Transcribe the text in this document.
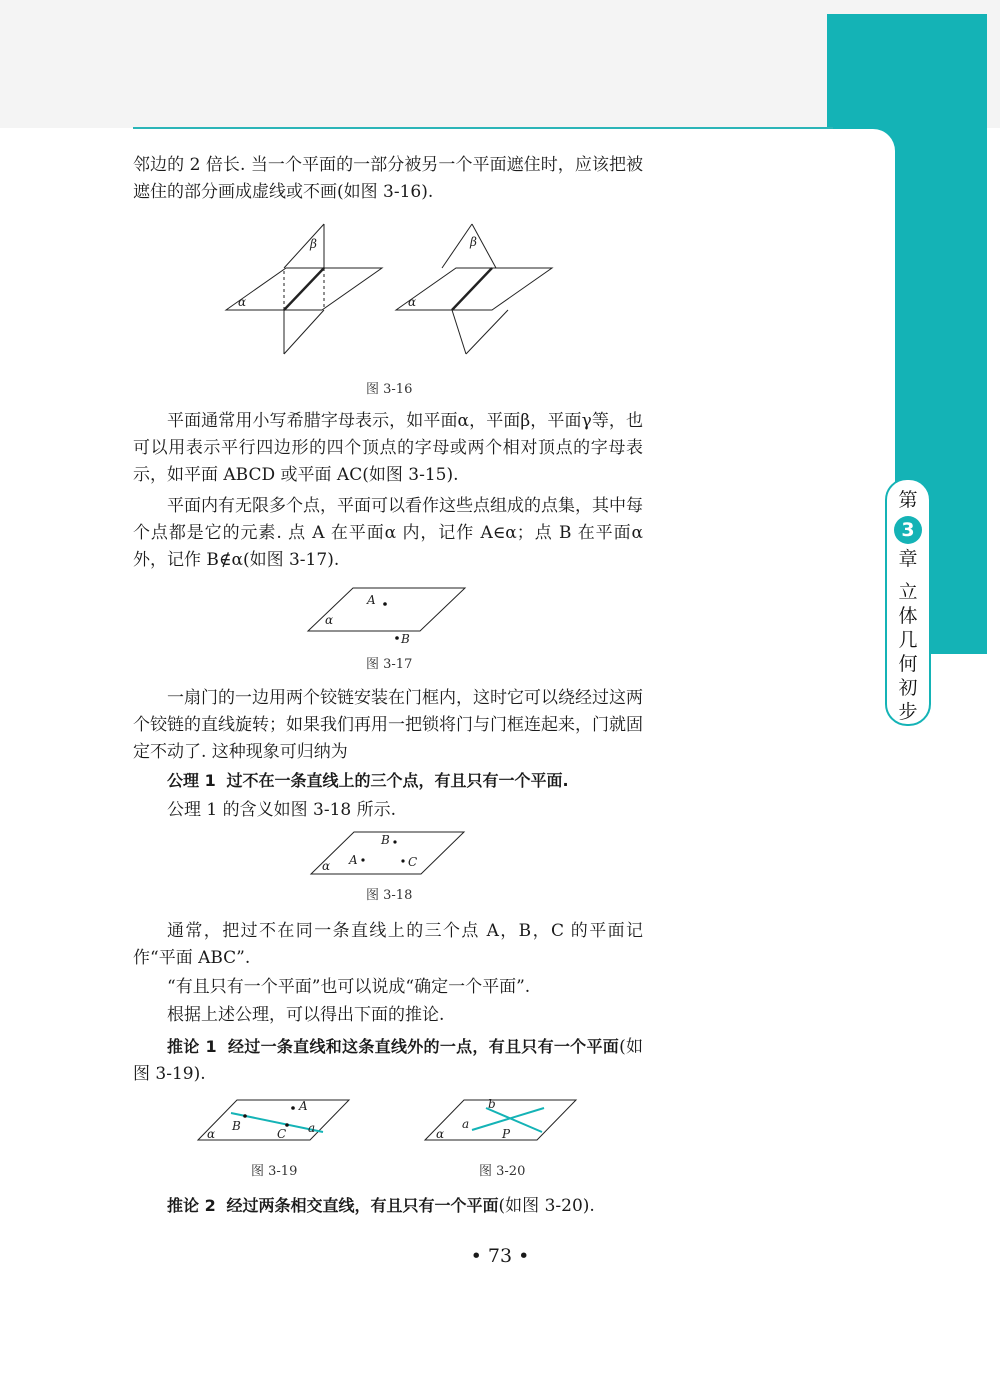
第
3
章
立
体
几
何
初
步

邻边的 2 倍长. 当一个平面的一部分被另一个平面遮住时，应该把被遮住的部分画成虚线或不画(如图 3-16).

α
β
α
β
图 3-16

平面通常用小写希腊字母表示，如平面α，平面β，平面γ等，也可以用表示平行四边形的四个顶点的字母或两个相对顶点的字母表示，如平面 ABCD 或平面 AC(如图 3-15).

平面内有无限多个点，平面可以看作这些点组成的点集，其中每个点都是它的元素. 点 A 在平面α 内，记作 A∈α；点 B 在平面α 外，记作 B∉α(如图 3-17).

A
α
B
图 3-17

一扇门的一边用两个铰链安装在门框内，这时它可以绕经过这两个铰链的直线旋转；如果我们再用一把锁将门与门框连起来，门就固定不动了. 这种现象可归纳为

公理 1 过不在一条直线上的三个点，有且只有一个平面.

公理 1 的含义如图 3-18 所示.

B
A	C
α
图 3-18

通常，把过不在同一条直线上的三个点 A，B，C 的平面记作“平面 ABC”.

“有且只有一个平面”也可以说成“确定一个平面”.

根据上述公理，可以得出下面的推论.

推论 1 经过一条直线和这条直线外的一点，有且只有一个平面(如图 3-19).

A
B
C a
α
图 3-19
b
a
P
α
图 3-20

推论 2 经过两条相交直线，有且只有一个平面(如图 3-20).

• 73 •
